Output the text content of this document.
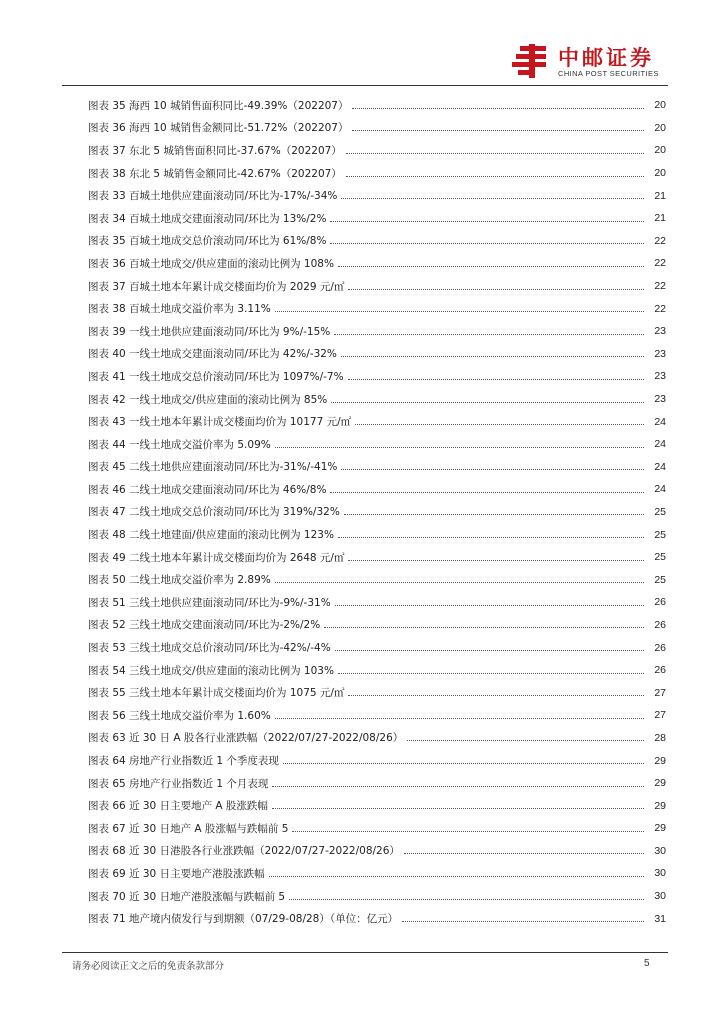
中邮证券
CHINA POST SECURITIES
图表 35 海西 10 城销售面积同比-49.39%（202207）	20
图表 36 海西 10 城销售金额同比-51.72%（202207）	20
图表 37 东北 5 城销售面积同比-37.67%（202207）	20
图表 38 东北 5 城销售金额同比-42.67%（202207）	20
图表 33 百城土地供应建面滚动同/环比为-17%/-34%	21
图表 34 百城土地成交建面滚动同/环比为 13%/2%	21
图表 35 百城土地成交总价滚动同/环比为 61%/8%	22
图表 36 百城土地成交/供应建面的滚动比例为 108%	22
图表 37 百城土地本年累计成交楼面均价为 2029 元/㎡	22
图表 38 百城土地成交溢价率为 3.11%	22
图表 39 一线土地供应建面滚动同/环比为 9%/-15%	23
图表 40 一线土地成交建面滚动同/环比为 42%/-32%	23
图表 41 一线土地成交总价滚动同/环比为 1097%/-7%	23
图表 42 一线土地成交/供应建面的滚动比例为 85%	23
图表 43 一线土地本年累计成交楼面均价为 10177 元/㎡	24
图表 44 一线土地成交溢价率为 5.09%	24
图表 45 二线土地供应建面滚动同/环比为-31%/-41%	24
图表 46 二线土地成交建面滚动同/环比为 46%/8%	24
图表 47 二线土地成交总价滚动同/环比为 319%/32%	25
图表 48 二线土地建面/供应建面的滚动比例为 123%	25
图表 49 二线土地本年累计成交楼面均价为 2648 元/㎡	25
图表 50 二线土地成交溢价率为 2.89%	25
图表 51 三线土地供应建面滚动同/环比为-9%/-31%	26
图表 52 三线土地成交建面滚动同/环比为-2%/2%	26
图表 53 三线土地成交总价滚动同/环比为-42%/-4%	26
图表 54 三线土地成交/供应建面的滚动比例为 103%	26
图表 55 三线土地本年累计成交楼面均价为 1075 元/㎡	27
图表 56 三线土地成交溢价率为 1.60%	27
图表 63 近 30 日 A 股各行业涨跌幅（2022/07/27-2022/08/26）	28
图表 64 房地产行业指数近 1 个季度表现	29
图表 65 房地产行业指数近 1 个月表现	29
图表 66 近 30 日主要地产 A 股涨跌幅	29
图表 67 近 30 日地产 A 股涨幅与跌幅前 5	29
图表 68 近 30 日港股各行业涨跌幅（2022/07/27-2022/08/26）	30
图表 69 近 30 日主要地产港股涨跌幅	30
图表 70 近 30 日地产港股涨幅与跌幅前 5	30
图表 71 地产境内债发行与到期额（07/29-08/28）（单位：亿元）	31
请务必阅读正文之后的免责条款部分	5
